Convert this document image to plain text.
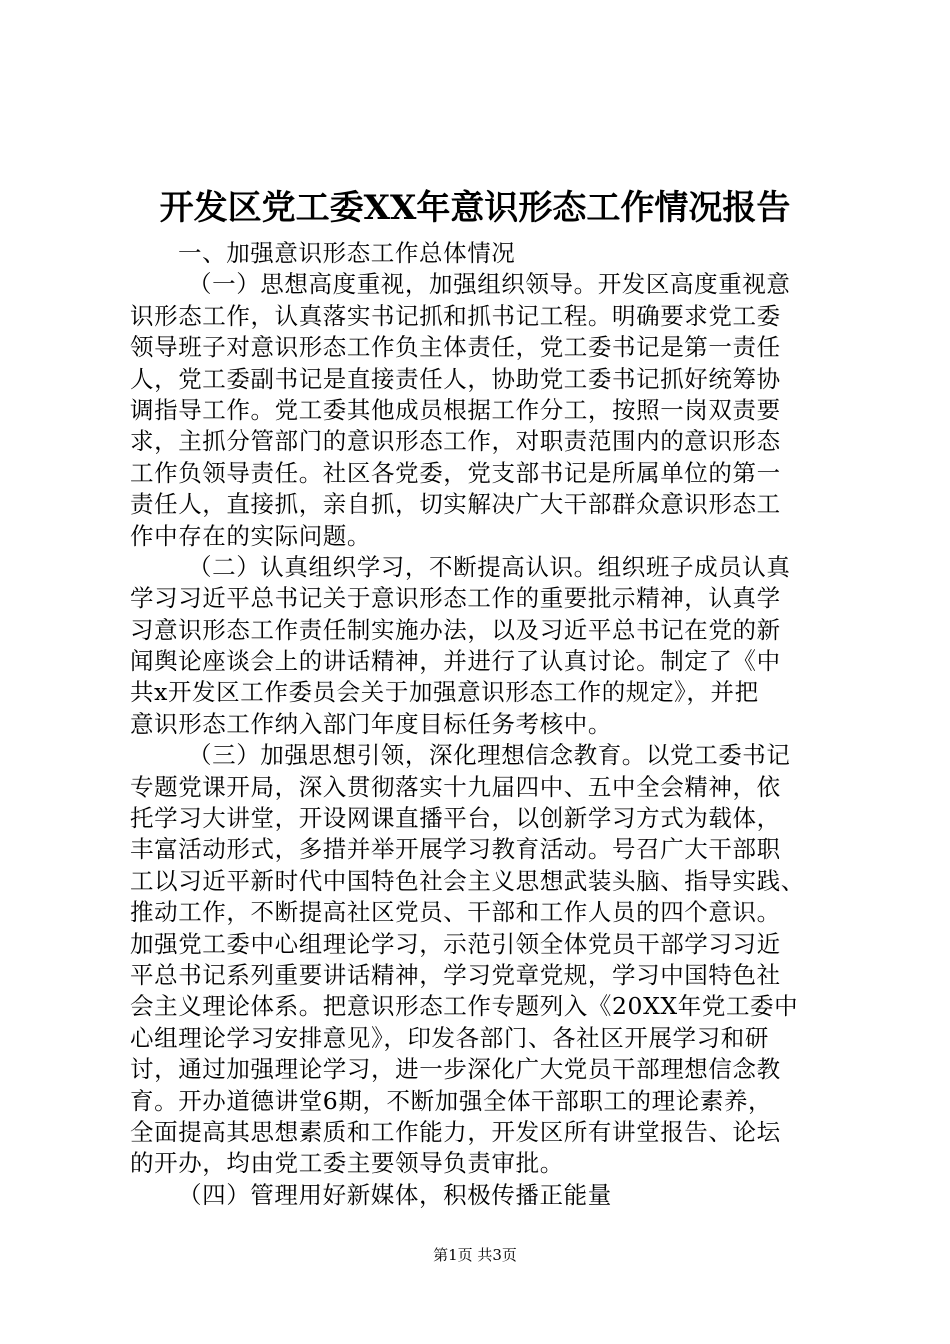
开发区党工委XX年意识形态工作情况报告
一、加强意识形态工作总体情况
（一）思想高度重视，加强组织领导。开发区高度重视意
识形态工作，认真落实书记抓和抓书记工程。明确要求党工委
领导班子对意识形态工作负主体责任，党工委书记是第一责任
人，党工委副书记是直接责任人，协助党工委书记抓好统筹协
调指导工作。党工委其他成员根据工作分工，按照一岗双责要
求，主抓分管部门的意识形态工作，对职责范围内的意识形态
工作负领导责任。社区各党委，党支部书记是所属单位的第一
责任人，直接抓，亲自抓，切实解决广大干部群众意识形态工
作中存在的实际问题。
（二）认真组织学习，不断提高认识。组织班子成员认真
学习习近平总书记关于意识形态工作的重要批示精神，认真学
习意识形态工作责任制实施办法，以及习近平总书记在党的新
闻舆论座谈会上的讲话精神，并进行了认真讨论。制定了《中
共x开发区工作委员会关于加强意识形态工作的规定》，并把
意识形态工作纳入部门年度目标任务考核中。
（三）加强思想引领，深化理想信念教育。以党工委书记
专题党课开局，深入贯彻落实十九届四中、五中全会精神，依
托学习大讲堂，开设网课直播平台，以创新学习方式为载体，
丰富活动形式，多措并举开展学习教育活动。号召广大干部职
工以习近平新时代中国特色社会主义思想武装头脑、指导实践、
推动工作，不断提高社区党员、干部和工作人员的四个意识。
加强党工委中心组理论学习，示范引领全体党员干部学习习近
平总书记系列重要讲话精神，学习党章党规，学习中国特色社
会主义理论体系。把意识形态工作专题列入《20XX年党工委中
心组理论学习安排意见》，印发各部门、各社区开展学习和研
讨，通过加强理论学习，进一步深化广大党员干部理想信念教
育。开办道德讲堂6期，不断加强全体干部职工的理论素养，
全面提高其思想素质和工作能力，开发区所有讲堂报告、论坛
的开办，均由党工委主要领导负责审批。
（四）管理用好新媒体，积极传播正能量
第1页 共3页
